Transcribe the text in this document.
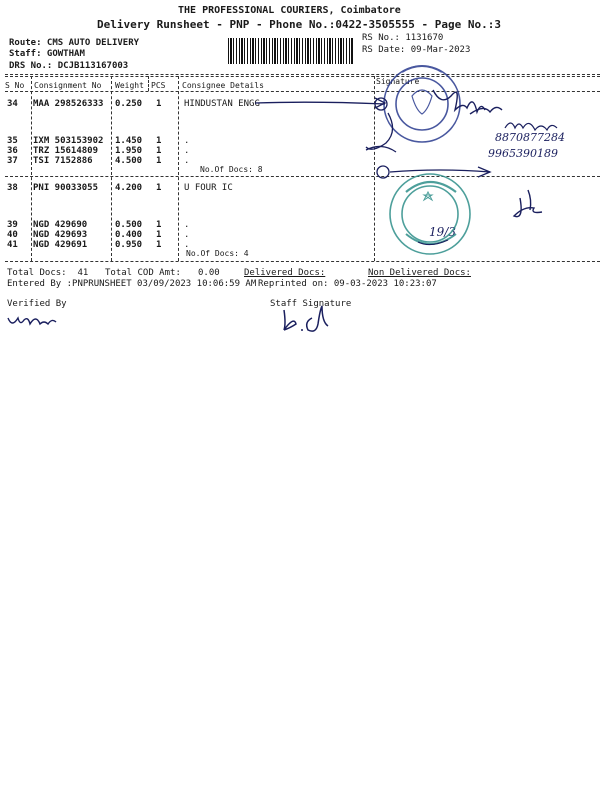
THE PROFESSIONAL COURIERS, Coimbatore
Delivery Runsheet - PNP - Phone No.:0422-3505555 - Page No.:3
Route: CMS AUTO DELIVERY
Staff: GOWTHAM
DRS No.: DCJB113167003
RS No.: 1131670
RS Date: 09-Mar-2023
S No Consignment No Weight PCS Consignee Details	Signature
34 MAA 298526333 0.250 1	HINDUSTAN ENGG
35 IXM 503153902 1.450 1	.
36 TRZ 15614809 1.950 1	.
37 TSI 7152886 4.500 1	.
No.Of Docs: 8
38 PNI 90033055 4.200 1	U FOUR IC
39 NGD 429690	0.500 1	.
40 NGD 429693	0.400 1	.
41 NGD 429691	0.950 1	.
No.Of Docs: 4
Total Docs:  41 Total COD Amt: 0.00	Delivered Docs:	Non Delivered Docs:
Entered By :PNPRUNSHEET 03/09/2023 10:06:59 AM Reprinted on: 09-03-2023 10:23:07
Verified By	Staff Signature
8870877284
9965390189
19/3
